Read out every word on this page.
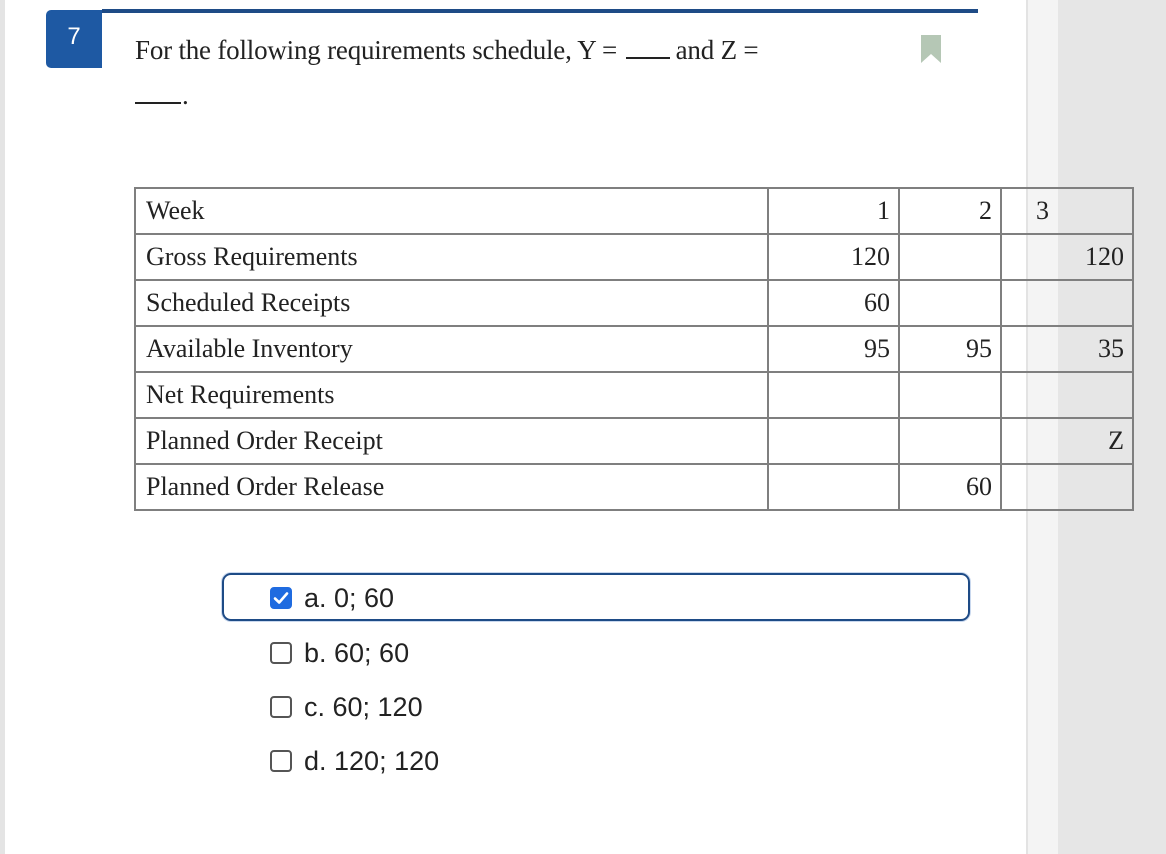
7	For the following requirements schedule, Y = and Z =
.
Week	1	2	3
Gross Requirements	120		120
Scheduled Receipts	60		
Available Inventory	95	95	35
Net Requirements			
Planned Order Receipt			Z
Planned Order Release		60	
a. 0; 60
b. 60; 60
c. 60; 120
d. 120; 120
